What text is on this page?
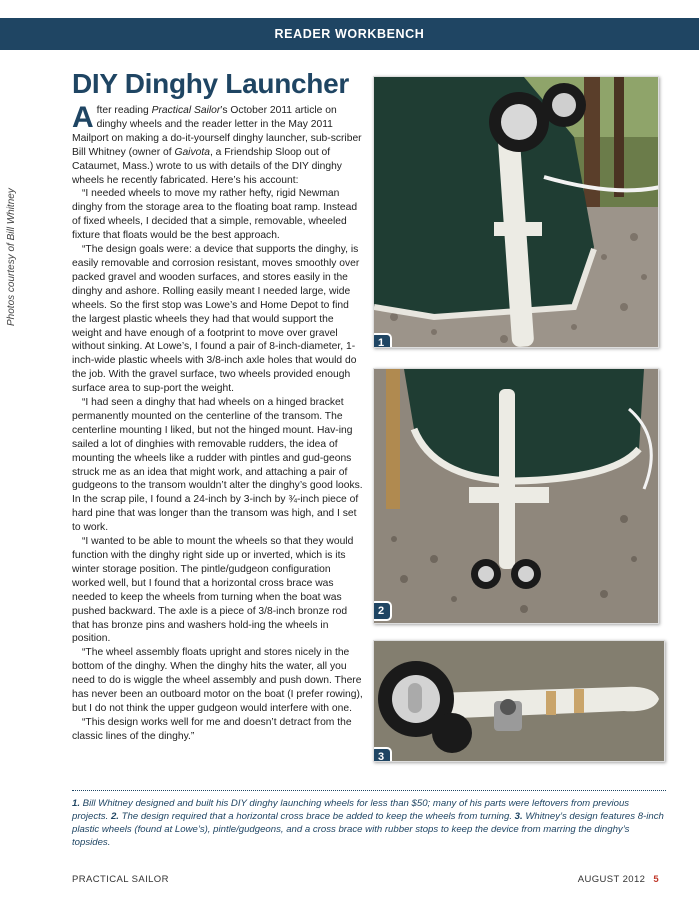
READER WORKBENCH
Photos courtesy of Bill Whitney
DIY Dinghy Launcher

After reading Practical Sailor’s October 2011 article on dinghy wheels and the reader letter in the May 2011 Mailport on making a do-it-yourself dinghy launcher, sub-scriber Bill Whitney (owner of Gaivota, a Friendship Sloop out of Cataumet, Mass.) wrote to us with details of the DIY dinghy wheels he recently fabricated. Here’s his account:

“I needed wheels to move my rather hefty, rigid Newman dinghy from the storage area to the floating boat ramp. Instead of fixed wheels, I decided that a simple, removable, wheeled fixture that floats would be the best approach.

“The design goals were: a device that supports the dinghy, is easily removable and corrosion resistant, moves smoothly over packed gravel and wooden surfaces, and stores easily in the dinghy and ashore. Rolling easily meant I needed large, wide wheels. So the first stop was Lowe’s and Home Depot to find the largest plastic wheels they had that would support the weight and have enough of a footprint to move over gravel without sinking. At Lowe’s, I found a pair of 8-inch-diameter, 1-inch-wide plastic wheels with 3/8-inch axle holes that would do the job. With the gravel surface, two wheels provided enough surface area to sup-port the weight.

“I had seen a dinghy that had wheels on a hinged bracket permanently mounted on the centerline of the transom. The centerline mounting I liked, but not the hinged mount. Hav-ing sailed a lot of dinghies with removable rudders, the idea of mounting the wheels like a rudder with pintles and gud-geons struck me as an idea that might work, and attaching a pair of gudgeons to the transom wouldn’t alter the dinghy’s good looks. In the scrap pile, I found a 24-inch by 3-inch by ¾-inch piece of hard pine that was longer than the transom was high, and I set to work.

“I wanted to be able to mount the wheels so that they would function with the dinghy right side up or inverted, which is its winter storage position. The pintle/gudgeon configuration worked well, but I found that a horizontal cross brace was needed to keep the wheels from turning when the boat was pushed backward. The axle is a piece of 3/8-inch bronze rod that has bronze pins and washers hold-ing the wheels in position.

“The wheel assembly floats upright and stores nicely in the bottom of the dinghy. When the dinghy hits the water, all you need to do is wiggle the wheel assembly and push down. There has never been an outboard motor on the boat (I prefer rowing), but I do not think the upper gudgeon would interfere with one.

“This design works well for me and doesn’t detract from the classic lines of the dinghy.”

1
2
3
1. Bill Whitney designed and built his DIY dinghy launching wheels for less than $50; many of his parts were leftovers from previous projects. 2. The design required that a horizontal cross brace be added to keep the wheels from turning. 3. Whitney’s design features 8-inch plastic wheels (found at Lowe’s), pintle/gudgeons, and a cross brace with rubber stops to keep the device from marring the dinghy’s topsides.
PRACTICAL SAILOR	AUGUST 2012 5
